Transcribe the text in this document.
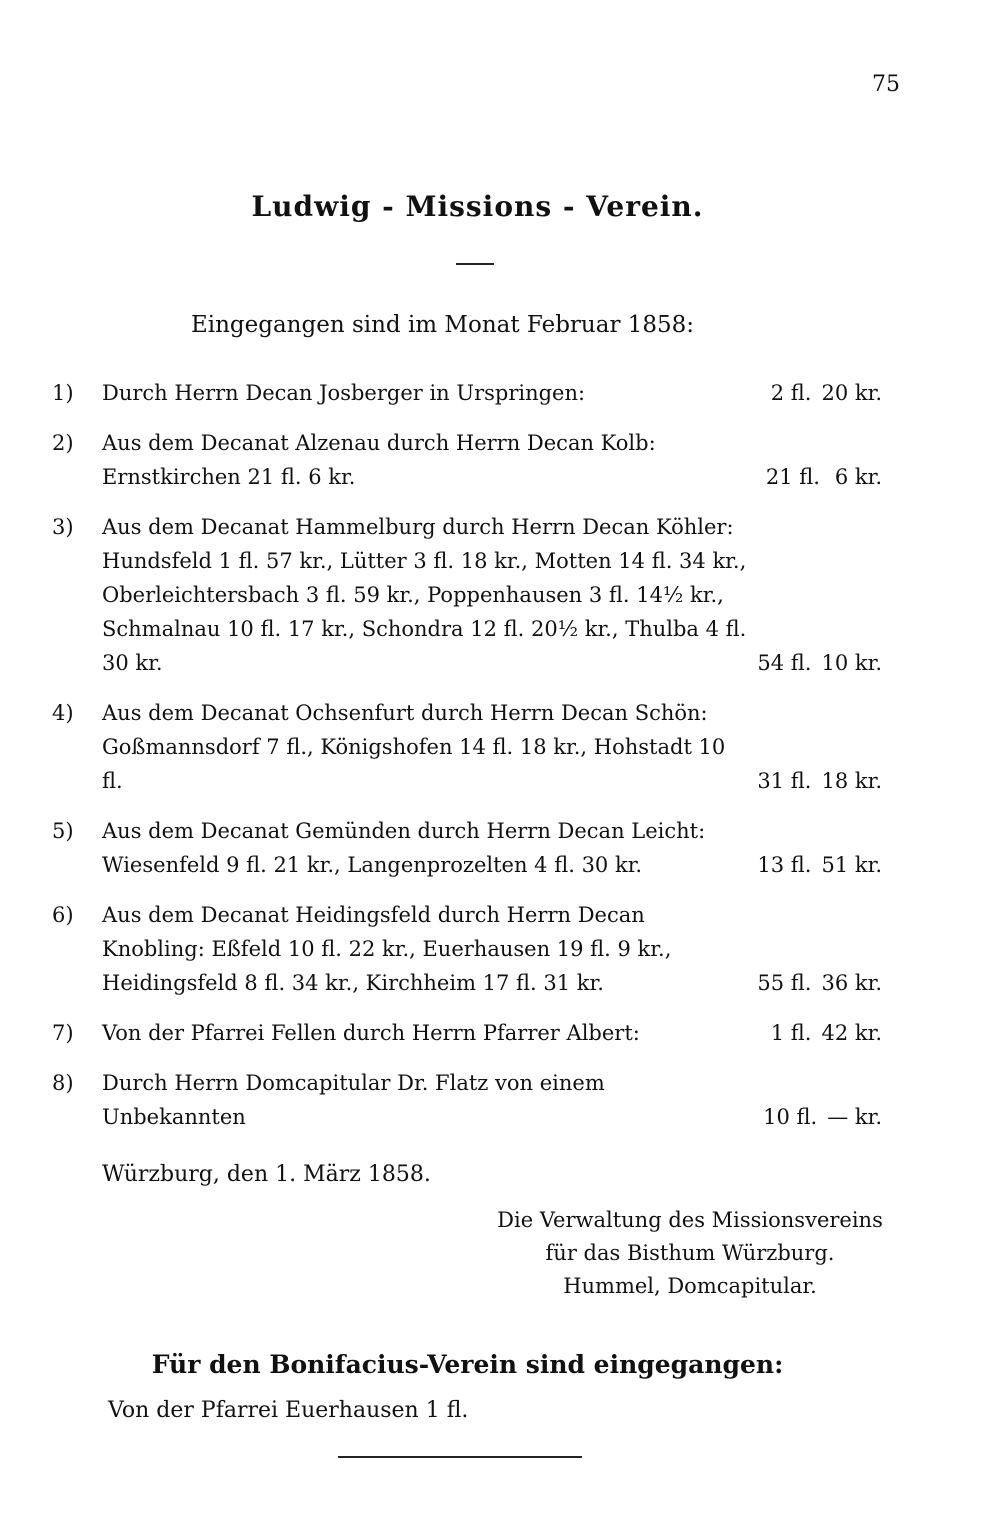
75
Ludwig - Missions - Verein.
Eingegangen sind im Monat Februar 1858:
1)	Durch Herrn Decan Josberger in Urspringen:	2 fl. 20 kr.
2)	Aus dem Decanat Alzenau durch Herrn Decan Kolb: Ernstkirchen 21 fl. 6 kr.	21 fl. 6 kr.
3)	Aus dem Decanat Hammelburg durch Herrn Decan Köhler: Hundsfeld 1 fl. 57 kr., Lütter 3 fl. 18 kr., Motten 14 fl. 34 kr., Oberleichtersbach 3 fl. 59 kr., Poppenhausen 3 fl. 14½ kr., Schmalnau 10 fl. 17 kr., Schondra 12 fl. 20½ kr., Thulba 4 fl. 30 kr.	54 fl. 10 kr.
4)	Aus dem Decanat Ochsenfurt durch Herrn Decan Schön: Goßmannsdorf 7 fl., Königshofen 14 fl. 18 kr., Hohstadt 10 fl.	31 fl. 18 kr.
5)	Aus dem Decanat Gemünden durch Herrn Decan Leicht: Wiesenfeld 9 fl. 21 kr., Langenprozelten 4 fl. 30 kr.	13 fl. 51 kr.
6)	Aus dem Decanat Heidingsfeld durch Herrn Decan Knobling: Eßfeld 10 fl. 22 kr., Euerhausen 19 fl. 9 kr., Heidingsfeld 8 fl. 34 kr., Kirchheim 17 fl. 31 kr.	55 fl. 36 kr.
7)	Von der Pfarrei Fellen durch Herrn Pfarrer Albert:	1 fl. 42 kr.
8)	Durch Herrn Domcapitular Dr. Flatz von einem Unbekannten	10 fl. — kr.
Würzburg, den 1. März 1858.
Die Verwaltung des Missionsvereins
für das Bisthum Würzburg.
Hummel, Domcapitular.
Für den Bonifacius-Verein sind eingegangen:
Von der Pfarrei Euerhausen 1 fl.
